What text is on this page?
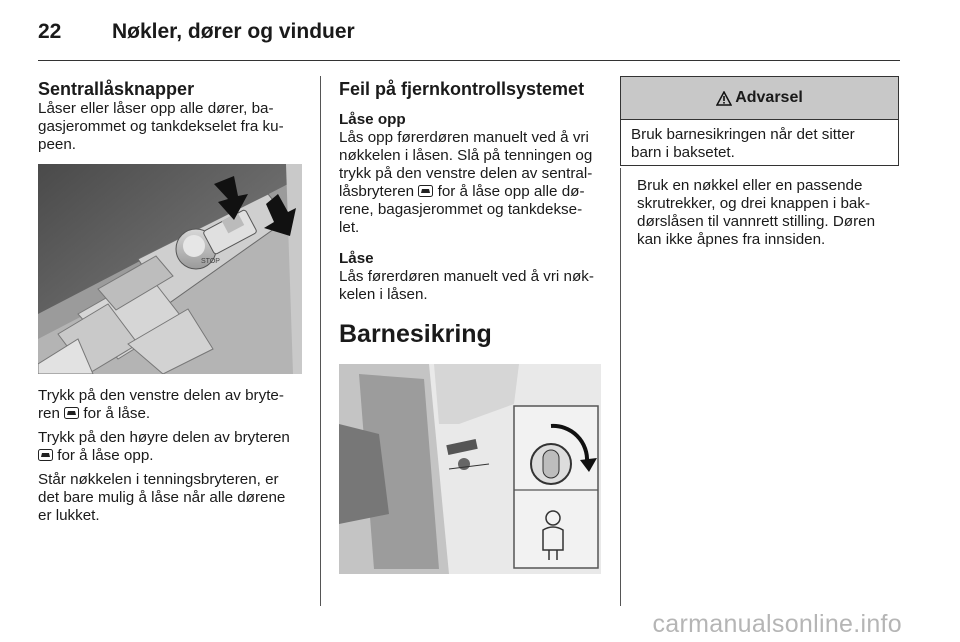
22 Nøkler, dører og vinduer
Sentrallåsknapper

Låser eller låser opp alle dører, ba-

gasjerommet og tankdekselet fra ku-

peen.

STOP

Trykk på den venstre delen av bryte-

ren for å låse.

Trykk på den høyre delen av bryteren

for å låse opp.

Står nøkkelen i tenningsbryteren, er

det bare mulig å låse når alle dørene

er lukket.

Feil på fjernkontrollsystemet
Låse opp

Lås opp førerdøren manuelt ved å vri

nøkkelen i låsen. Slå på tenningen og

trykk på den venstre delen av sentral-

låsbryteren for å låse opp alle dø-

rene, bagasjerommet og tankdekse-

let.

Låse

Lås førerdøren manuelt ved å vri nøk-

kelen i låsen.

Barnesikring
Advarsel
Bruk barnesikringen når det sitter
barn i baksetet.

Bruk en nøkkel eller en passende

skrutrekker, og drei knappen i bak-

dørslåsen til vannrett stilling. Døren

kan ikke åpnes fra innsiden.

carmanualsonline.info
